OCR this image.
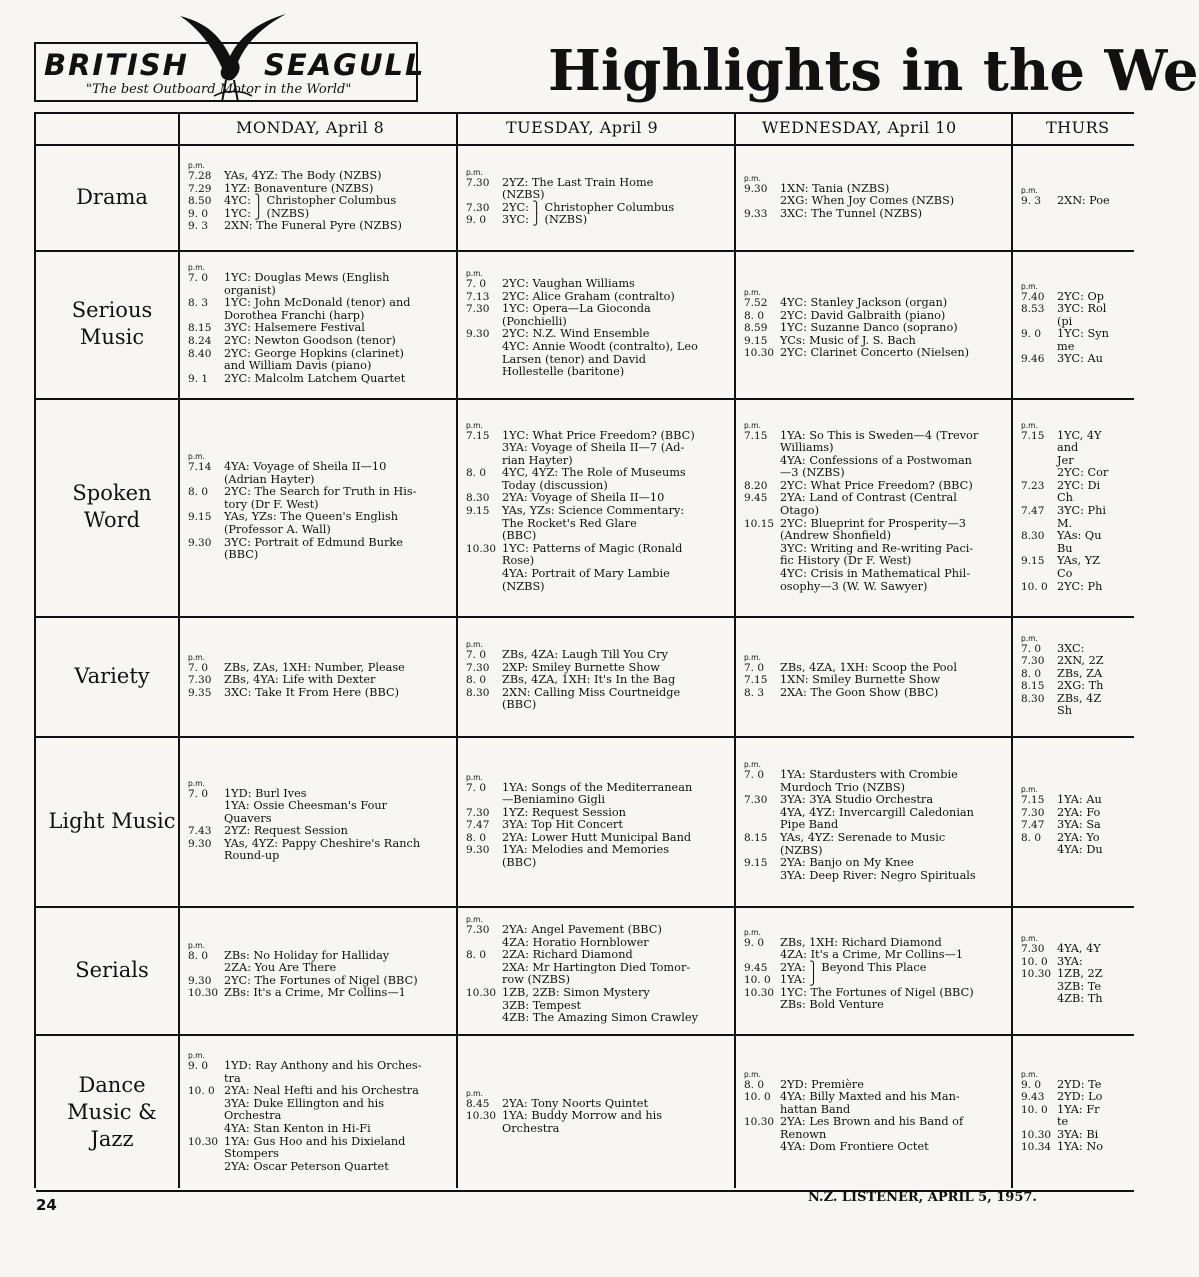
BRITISH	SEAGULL
"The best Outboard Motor in the World"	Highlights in the We
MONDAY, April 8	TUESDAY, April 9	WEDNESDAY, April 10	THURS
Drama
p.m.
7.28	YAs, 4YZ: The Body (NZBS)
7.29	1YZ: Bonaventure (NZBS)
8.50	4YC: ⎫ Christopher Columbus
9. 0	1YC: ⎭ (NZBS)
9. 3	2XN: The Funeral Pyre (NZBS)
p.m.
7.30	2YZ: The Last Train Home
(NZBS)
7.30	2YC: ⎫ Christopher Columbus
9. 0	3YC: ⎭ (NZBS)
p.m.
9.30	1XN: Tania (NZBS)
2XG: When Joy Comes (NZBS)
9.33	3XC: The Tunnel (NZBS)
p.m.
9. 3	2XN: Poe
Serious Music
p.m.
7. 0	1YC: Douglas Mews (English
organist)
8. 3	1YC: John McDonald (tenor) and
Dorothea Franchi (harp)
8.15	3YC: Halsemere Festival
8.24	2YC: Newton Goodson (tenor)
8.40	2YC: George Hopkins (clarinet)
and William Davis (piano)
9. 1	2YC: Malcolm Latchem Quartet
p.m.
7. 0	2YC: Vaughan Williams
7.13	2YC: Alice Graham (contralto)
7.30	1YC: Opera—La Gioconda
(Ponchielli)
9.30	2YC: N.Z. Wind Ensemble
4YC: Annie Woodt (contralto), Leo
Larsen (tenor) and David
Hollestelle (baritone)
p.m.
7.52	4YC: Stanley Jackson (organ)
8. 0	2YC: David Galbraith (piano)
8.59	1YC: Suzanne Danco (soprano)
9.15	YCs: Music of J. S. Bach
10.30 2YC: Clarinet Concerto (Nielsen)
p.m.
7.40	2YC: Op
8.53	3YC: Rol
(pi
9. 0	1YC: Syn
me
9.46	3YC: Au
Spoken Word
p.m.
7.14	4YA: Voyage of Sheila II—10
(Adrian Hayter)
8. 0	2YC: The Search for Truth in His-
tory (Dr F. West)
9.15	YAs, YZs: The Queen's English
(Professor A. Wall)
9.30	3YC: Portrait of Edmund Burke
(BBC)
p.m.
7.15	1YC: What Price Freedom? (BBC)
3YA: Voyage of Sheila II—7 (Ad-
rian Hayter)
8. 0	4YC, 4YZ: The Role of Museums
Today (discussion)
8.30	2YA: Voyage of Sheila II—10
9.15	YAs, YZs: Science Commentary:
The Rocket's Red Glare
(BBC)
10.30 1YC: Patterns of Magic (Ronald
Rose)
4YA: Portrait of Mary Lambie
(NZBS)
p.m.
7.15	1YA: So This is Sweden—4 (Trevor
Williams)
4YA: Confessions of a Postwoman
—3 (NZBS)
8.20	2YC: What Price Freedom? (BBC)
9.45	2YA: Land of Contrast (Central
Otago)
10.15 2YC: Blueprint for Prosperity—3
(Andrew Shonfield)
3YC: Writing and Re-writing Paci-
fic History (Dr F. West)
4YC: Crisis in Mathematical Phil-
osophy—3 (W. W. Sawyer)
p.m.
7.15	1YC, 4Y
and
Jer
2YC: Cor
7.23	2YC: Di
Ch
7.47	3YC: Phi
M.
8.30	YAs: Qu
Bu
9.15	YAs, YZ
Co
10. 0 2YC: Ph
Variety
p.m.
7. 0	ZBs, ZAs, 1XH: Number, Please
7.30	ZBs, 4YA: Life with Dexter
9.35	3XC: Take It From Here (BBC)
p.m.
7. 0	ZBs, 4ZA: Laugh Till You Cry
7.30	2XP: Smiley Burnette Show
8. 0	ZBs, 4ZA, 1XH: It's In the Bag
8.30	2XN: Calling Miss Courtneidge
(BBC)
p.m.
7. 0	ZBs, 4ZA, 1XH: Scoop the Pool
7.15	1XN: Smiley Burnette Show
8. 3	2XA: The Goon Show (BBC)
p.m.
7. 0	3XC:
7.30	2XN, 2Z
8. 0	ZBs, ZA
8.15	2XG: Th
8.30	ZBs, 4Z
Sh
Light Music
p.m.
7. 0	1YD: Burl Ives
1YA: Ossie Cheesman's Four
Quavers
7.43	2YZ: Request Session
9.30	YAs, 4YZ: Pappy Cheshire's Ranch
Round-up
p.m.
7. 0	1YA: Songs of the Mediterranean
—Beniamino Gigli
7.30	1YZ: Request Session
7.47	3YA: Top Hit Concert
8. 0	2YA: Lower Hutt Municipal Band
9.30	1YA: Melodies and Memories
(BBC)
p.m.
7. 0	1YA: Stardusters with Crombie
Murdoch Trio (NZBS)
7.30	3YA: 3YA Studio Orchestra
4YA, 4YZ: Invercargill Caledonian
Pipe Band
8.15	YAs, 4YZ: Serenade to Music
(NZBS)
9.15	2YA: Banjo on My Knee
3YA: Deep River: Negro Spirituals
p.m.
7.15	1YA: Au
7.30	2YA: Fo
7.47	3YA: Sa
8. 0	2YA: Yo
4YA: Du
Serials
p.m.
8. 0	ZBs: No Holiday for Halliday
2ZA: You Are There
9.30	2YC: The Fortunes of Nigel (BBC)
10.30 ZBs: It's a Crime, Mr Collins—1
p.m.
7.30	2YA: Angel Pavement (BBC)
4ZA: Horatio Hornblower
8. 0	2ZA: Richard Diamond
2XA: Mr Hartington Died Tomor-
row (NZBS)
10.30 1ZB, 2ZB: Simon Mystery
3ZB: Tempest
4ZB: The Amazing Simon Crawley
p.m.
9. 0	ZBs, 1XH: Richard Diamond
4ZA: It's a Crime, Mr Collins—1
9.45	2YA: ⎫ Beyond This Place
10. 0 1YA: ⎭
10.30 1YC: The Fortunes of Nigel (BBC)
ZBs: Bold Venture
p.m.
7.30	4YA, 4Y
10. 0 3YA:
10.30 1ZB, 2Z
3ZB: Te
4ZB: Th
Dance Music & Jazz
p.m.
9. 0	1YD: Ray Anthony and his Orches-
tra
10. 0 2YA: Neal Hefti and his Orchestra
3YA: Duke Ellington and his
Orchestra
4YA: Stan Kenton in Hi-Fi
10.30 1YA: Gus Hoo and his Dixieland
Stompers
2YA: Oscar Peterson Quartet
p.m.
8.45	2YA: Tony Noorts Quintet
10.30 1YA: Buddy Morrow and his
Orchestra
p.m.
8. 0	2YD: Première
10. 0 4YA: Billy Maxted and his Man-
hattan Band
10.30 2YA: Les Brown and his Band of
Renown
4YA: Dom Frontiere Octet
p.m.
9. 0	2YD: Te
9.43	2YD: Lo
10. 0 1YA: Fr
te
10.30 3YA: Bi
10.34 1YA: No
24	N.Z. LISTENER, APRIL 5, 1957.
